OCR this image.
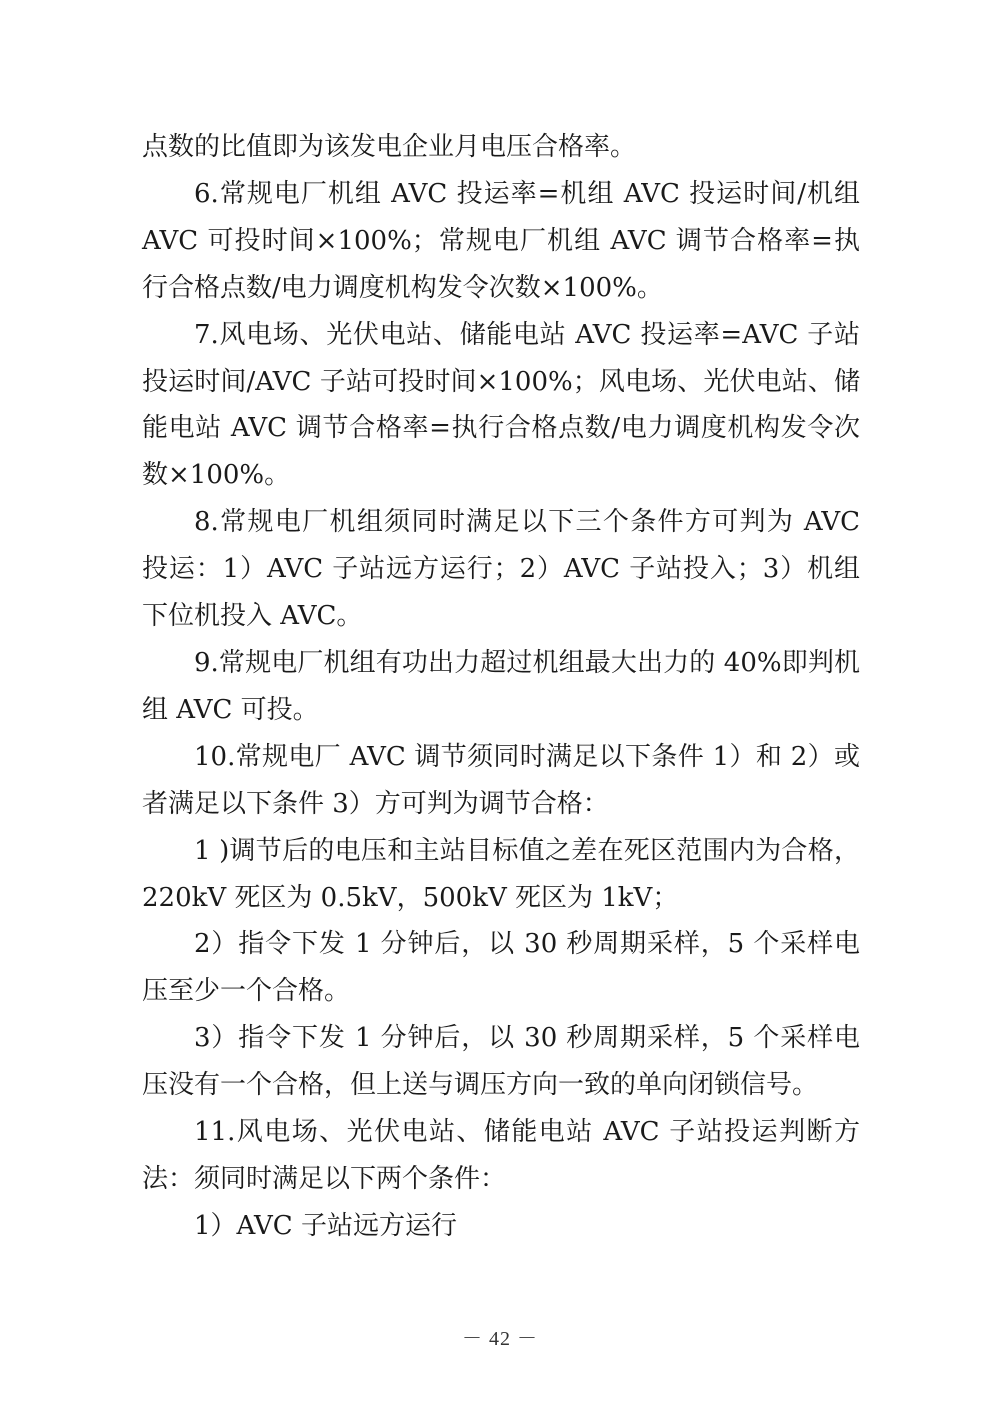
点数的比值即为该发电企业月电压合格率。

6.常规电厂机组 AVC 投运率=机组 AVC 投运时间/机组 AVC 可投时间×100%；常规电厂机组 AVC 调节合格率=执行合格点数/电力调度机构发令次数×100%。

7.风电场、光伏电站、储能电站 AVC 投运率=AVC 子站投运时间/AVC 子站可投时间×100%；风电场、光伏电站、储能电站 AVC 调节合格率=执行合格点数/电力调度机构发令次数×100%。

8.常规电厂机组须同时满足以下三个条件方可判为 AVC 投运：1）AVC 子站远方运行；2）AVC 子站投入；3）机组下位机投入 AVC。

9.常规电厂机组有功出力超过机组最大出力的 40%即判机组 AVC 可投。

10.常规电厂 AVC 调节须同时满足以下条件 1）和 2）或者满足以下条件 3）方可判为调节合格：

1 )调节后的电压和主站目标值之差在死区范围内为合格，220kV 死区为 0.5kV，500kV 死区为 1kV；

2）指令下发 1 分钟后，以 30 秒周期采样，5 个采样电压至少一个合格。

3）指令下发 1 分钟后，以 30 秒周期采样，5 个采样电压没有一个合格，但上送与调压方向一致的单向闭锁信号。

11.风电场、光伏电站、储能电站 AVC 子站投运判断方法：须同时满足以下两个条件：

1）AVC 子站远方运行

－ 42 －
